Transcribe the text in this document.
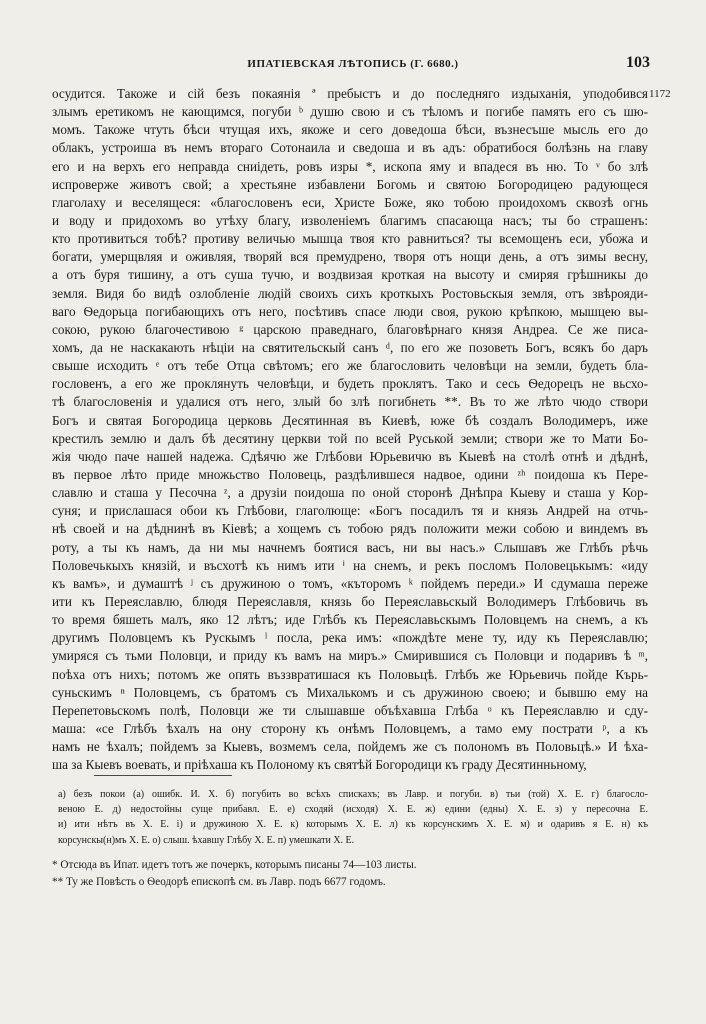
ИПАТІЕВСКАЯ ЛѢТОПИСЬ (Г. 6680.)	103
1172
осудится. Такоже и сій безъ покаянія ª пребыстъ и до последняго издыханія, уподобився
злымъ еретикомъ не кающимся, погуби ᵇ душю свою и съ тѣломъ и погибе память его съ шю-
момъ. Такоже чтуть бѣси чтущая ихъ, якоже и сего доведоша бѣси, възнесъше мысль его до
облакъ, устроиша въ немъ вторагo Сотонаила и сведоша и въ адъ: обратибося болѣзнь на главу
его и на верхъ его неправда сниідеть, ровъ изры *, ископа яму и впадеся въ ню. То ᵛ бо злѣ
испроверже животъ свой; а хрестьяне избавлени Богомь и святою Богородицею радующеся
глаголаху и веселящеся: «благословенъ еси, Христе Боже, яко тобою проидохомъ сквозѣ огнь
и воду и придохомъ во утѣху благу, изволеніемъ благимъ спасающа насъ; ты бо страшенъ:
кто противиться тобѣ? противу величью мышца твоя кто равниться? ты всемощенъ еси, убожа и
богати, умерщвляя и оживляя, творяй вся премудрено, творя отъ нощи день, а отъ зимы весну,
а отъ буря тишину, а отъ суша тучю, и воздвизая кроткая на высоту и смиряя грѣшникы до
земля. Видя бо видѣ озлобленіе людій своихъ сихъ кроткыхъ Ростовьскыя земля, отъ звѣрояди-
ваго Ѳедорьца погибающихъ отъ него, посѣтивъ спасе люди своя, рукою крѣпкою, мышцею вы-
сокою, рукою благочестивою ᵍ царскою праведнаго, благовѣрнаго князя Андреа. Се же писа-
хомъ, да не наскакають нѣціи на святительскый санъ ᵈ, по его же позоветь Богъ, всякъ бо даръ
свыше исходить ᵉ отъ тебе Отца свѣтомъ; его же благословить человѣци на земли, будеть бла-
гословенъ, а его же проклянуть человѣци, и будеть проклятъ. Тако и сесь Ѳедорецъ не вьсхо-
тѣ благословенія и удалися отъ него, злый бо злѣ погибнеть **. Въ то же лѣто чюдо створи
Богъ и святая Богородица церковь Десятинная въ Киевѣ, юже бѣ создалъ Володимеръ, иже
крестилъ землю и далъ бѣ десятину церкви той по всей Руськой земли; створи же то Мати Бо-
жія чюдо паче нашей надежа. Сдѣячю же Глѣбови Юрьевичю въ Кыевѣ на столѣ отнѣ и дѣднѣ,
въ первое лѣто приде множьство Половець, раздѣлившеся надвое, одини ᶻʰ поидоша къ Пере-
славлю и сташа у Песочна ᶻ, а друзіи поидоша по оной сторонѣ Днѣпра Кыеву и сташа у Кор-
суня; и прислашася обои къ Глѣбови, глаголюще: «Богъ посадилъ тя и князь Андрей на отчь-
нѣ своей и на дѣднинѣ въ Кіевѣ; а хощемъ съ тобою рядъ положити межи собою и виндемъ въ
роту, а ты къ намъ, да ни мы начнемъ боятися васъ, ни вы насъ.» Слышавъ же Глѣбъ рѣчь
Половечькыхъ князій, и въсхотѣ къ нимъ ити ⁱ на снемъ, и рекъ посломъ Половецькымъ: «иду
къ вамъ», и думаштѣ ʲ съ дружиною о томъ, «къторомъ ᵏ пойдемъ переди.» И сдумаша переже
ити къ Переяславлю, блюдя Переяславля, князь бо Переяславьскый Володимеръ Глѣбовичь въ
то время бяшеть малъ, яко 12 лѣтъ; иде Глѣбъ къ Переяславьскымъ Половцемъ на снемъ, а къ
другимъ Половцемъ къ Рускымъ ˡ посла, река имъ: «пождѣте мене ту, иду къ Переяславлю;
умиряся съ тьми Половци, и приду къ вамъ на миръ.» Смирившися съ Половци и подаривъ ѣ ᵐ,
поѣха отъ нихъ; потомъ же опять въззвратишася къ Половьцѣ. Глѣбъ же Юрьевичь пойде Кърь-
суньскимъ ⁿ Половцемъ, съ братомъ съ Михалькомъ и съ дружиною своею; и бывшю ему на
Перепетовьскомъ полѣ, Половци же ти слышавше объѣхавша Глѣба ᵒ къ Переяславлю и сду-
маша: «се Глѣбъ ѣхалъ на ону сторону къ онѣмъ Половцемъ, а тамо ему пострати ᵖ, а къ
намъ не ѣхалъ; пойдемъ за Кыевъ, возмемъ села, пойдемъ же съ полономъ въ Половьцѣ.» И ѣха-
ша за Кыевъ воевать, и пріѣхаша къ Полоному къ святѣй Богородици къ граду Десятинньному,
а) безъ покои (а) ошибк. И. Х. б) погубить во всѣхъ спискахъ; въ Лавр. и погуби. в) тьи (той) Х. Е. г) благосло-
веною Е. д) недостойны суще прибавл. Е. е) сходяй (исходя) Х. Е. ж) едини (едны) Х. Е. з) у пересочна Е.
и) ити нѣтъ въ Х. Е. і) и дружиною Х. Е. к) которымъ Х. Е. л) къ корсунскимъ Х. Е. м) и одаривъ я Е. н) къ
корсунскы(н)мъ Х. Е. о) слыш. ѣхавшу Глѣбу Х. Е. п) умешкати Х. Е.
* Отсюда въ Ипат. идетъ тотъ же почеркъ, которымъ писаны 74—103 листы.
** Ту же Повѣсть о Ѳеодорѣ епископѣ см. въ Лавр. подъ 6677 годомъ.
